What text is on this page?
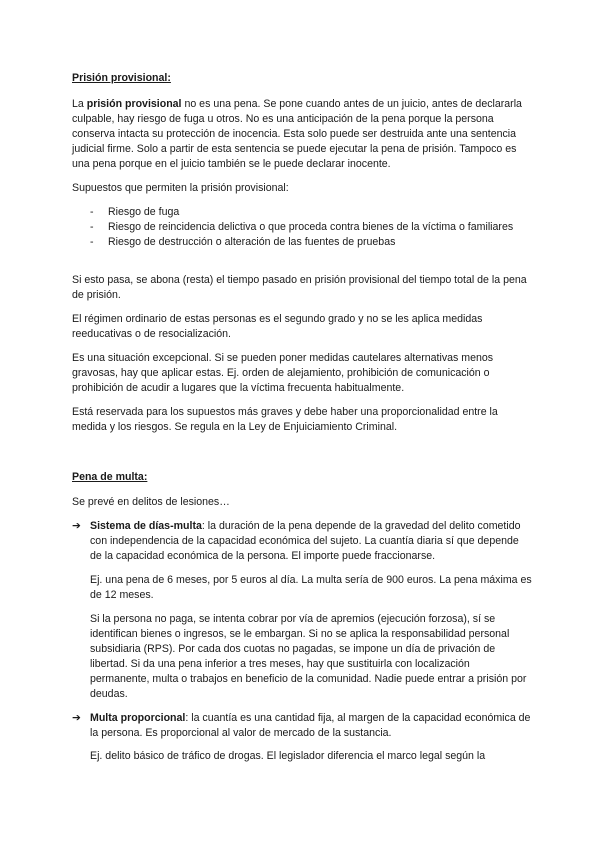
Prisión provisional:

La prisión provisional no es una pena. Se pone cuando antes de un juicio, antes de declararla culpable, hay riesgo de fuga u otros. No es una anticipación de la pena porque la persona conserva intacta su protección de inocencia. Esta solo puede ser destruida ante una sentencia judicial firme. Solo a partir de esta sentencia se puede ejecutar la pena de prisión. Tampoco es una pena porque en el juicio también se le puede declarar inocente.

Supuestos que permiten la prisión provisional:

- Riesgo de fuga
- Riesgo de reincidencia delictiva o que proceda contra bienes de la víctima o familiares
- Riesgo de destrucción o alteración de las fuentes de pruebas

Si esto pasa, se abona (resta) el tiempo pasado en prisión provisional del tiempo total de la pena de prisión.

El régimen ordinario de estas personas es el segundo grado y no se les aplica medidas reeducativas o de resocialización.

Es una situación excepcional. Si se pueden poner medidas cautelares alternativas menos gravosas, hay que aplicar estas. Ej. orden de alejamiento, prohibición de comunicación o prohibición de acudir a lugares que la víctima frecuenta habitualmente.

Está reservada para los supuestos más graves y debe haber una proporcionalidad entre la medida y los riesgos. Se regula en la Ley de Enjuiciamiento Criminal.

Pena de multa:

Se prevé en delitos de lesiones…

➔ Sistema de días-multa: la duración de la pena depende de la gravedad del delito cometido con independencia de la capacidad económica del sujeto. La cuantía diaria sí que depende de la capacidad económica de la persona. El importe puede fraccionarse.

Ej. una pena de 6 meses, por 5 euros al día. La multa sería de 900 euros. La pena máxima es de 12 meses.

Si la persona no paga, se intenta cobrar por vía de apremios (ejecución forzosa), sí se identifican bienes o ingresos, se le embargan. Si no se aplica la responsabilidad personal subsidiaria (RPS). Por cada dos cuotas no pagadas, se impone un día de privación de libertad. Si da una pena inferior a tres meses, hay que sustituirla con localización permanente, multa o trabajos en beneficio de la comunidad. Nadie puede entrar a prisión por deudas.

➔ Multa proporcional: la cuantía es una cantidad fija, al margen de la capacidad económica de la persona. Es proporcional al valor de mercado de la sustancia.

Ej. delito básico de tráfico de drogas. El legislador diferencia el marco legal según la
